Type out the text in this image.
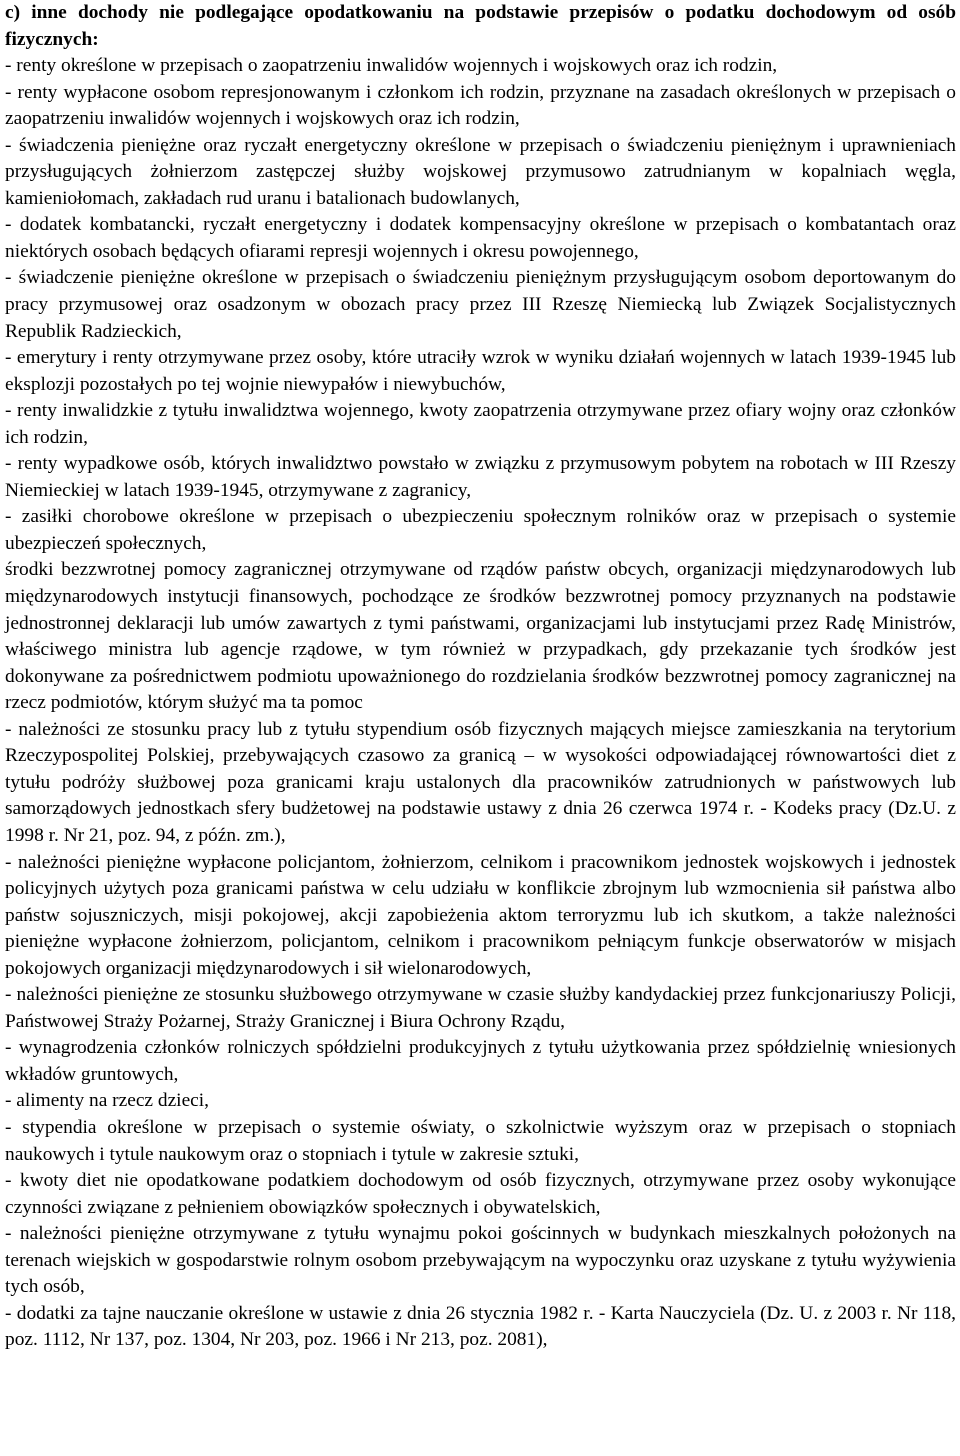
c) inne dochody nie podlegające opodatkowaniu na podstawie przepisów o podatku dochodowym od osób fizycznych:

- renty określone w przepisach o zaopatrzeniu inwalidów wojennych i wojskowych oraz ich rodzin,

- renty wypłacone osobom represjonowanym i członkom ich rodzin, przyznane na zasadach określonych w przepisach o zaopatrzeniu inwalidów wojennych i wojskowych oraz ich rodzin,

- świadczenia pieniężne oraz ryczałt energetyczny określone w przepisach o świadczeniu pieniężnym i uprawnieniach przysługujących żołnierzom zastępczej służby wojskowej przymusowo zatrudnianym w kopalniach węgla, kamieniołomach, zakładach rud uranu i batalionach budowlanych,

- dodatek kombatancki, ryczałt energetyczny i dodatek kompensacyjny określone w przepisach o kombatantach oraz niektórych osobach będących ofiarami represji wojennych i okresu powojennego,

- świadczenie pieniężne określone w przepisach o świadczeniu pieniężnym przysługującym osobom deportowanym do pracy przymusowej oraz osadzonym w obozach pracy przez III Rzeszę Niemiecką lub Związek Socjalistycznych Republik Radzieckich,

- emerytury i renty otrzymywane przez osoby, które utraciły wzrok w wyniku działań wojennych w latach 1939-1945 lub eksplozji pozostałych po tej wojnie niewypałów i niewybuchów,

- renty inwalidzkie z tytułu inwalidztwa wojennego, kwoty zaopatrzenia otrzymywane przez ofiary wojny oraz członków ich rodzin,

- renty wypadkowe osób, których inwalidztwo powstało w związku z przymusowym pobytem na robotach w III Rzeszy Niemieckiej w latach 1939-1945, otrzymywane z zagranicy,

- zasiłki chorobowe określone w przepisach o ubezpieczeniu społecznym rolników oraz w przepisach o systemie ubezpieczeń społecznych,

środki bezzwrotnej pomocy zagranicznej otrzymywane od rządów państw obcych, organizacji międzynarodowych lub międzynarodowych instytucji finansowych, pochodzące ze środków bezzwrotnej pomocy przyznanych na podstawie jednostronnej deklaracji lub umów zawartych z tymi państwami, organizacjami lub instytucjami przez Radę Ministrów, właściwego ministra lub agencje rządowe, w tym również w przypadkach, gdy przekazanie tych środków jest dokonywane za pośrednictwem podmiotu upoważnionego do rozdzielania środków bezzwrotnej pomocy zagranicznej na rzecz podmiotów, którym służyć ma ta pomoc

- należności ze stosunku pracy lub z tytułu stypendium osób fizycznych mających miejsce zamieszkania na terytorium Rzeczypospolitej Polskiej, przebywających czasowo za granicą – w wysokości odpowiadającej równowartości diet z tytułu podróży służbowej poza granicami kraju ustalonych dla pracowników zatrudnionych w państwowych lub samorządowych jednostkach sfery budżetowej na podstawie ustawy z dnia 26 czerwca 1974 r. - Kodeks pracy (Dz.U. z 1998 r. Nr 21, poz. 94, z późn. zm.),

- należności pieniężne wypłacone policjantom, żołnierzom, celnikom i pracownikom jednostek wojskowych i jednostek policyjnych użytych poza granicami państwa w celu udziału w konflikcie zbrojnym lub wzmocnienia sił państwa albo państw sojuszniczych, misji pokojowej, akcji zapobieżenia aktom terroryzmu lub ich skutkom, a także należności pieniężne wypłacone żołnierzom, policjantom, celnikom i pracownikom pełniącym funkcje obserwatorów w misjach pokojowych organizacji międzynarodowych i sił wielonarodowych,

- należności pieniężne ze stosunku służbowego otrzymywane w czasie służby kandydackiej przez funkcjonariuszy Policji, Państwowej Straży Pożarnej, Straży Granicznej i Biura Ochrony Rządu,

- wynagrodzenia członków rolniczych spółdzielni produkcyjnych z tytułu użytkowania przez spółdzielnię wniesionych wkładów gruntowych,

- alimenty na rzecz dzieci,

- stypendia określone w przepisach o systemie oświaty, o szkolnictwie wyższym oraz w przepisach o stopniach naukowych i tytule naukowym oraz o stopniach i tytule w zakresie sztuki,

- kwoty diet nie opodatkowane podatkiem dochodowym od osób fizycznych, otrzymywane przez osoby wykonujące czynności związane z pełnieniem obowiązków społecznych i obywatelskich,

- należności pieniężne otrzymywane z tytułu wynajmu pokoi gościnnych w budynkach mieszkalnych położonych na terenach wiejskich w gospodarstwie rolnym osobom przebywającym na wypoczynku oraz uzyskane z tytułu wyżywienia tych osób,

- dodatki za tajne nauczanie określone w ustawie z dnia 26 stycznia 1982 r. - Karta Nauczyciela (Dz. U. z 2003 r. Nr 118, poz. 1112, Nr 137, poz. 1304, Nr 203, poz. 1966 i Nr 213, poz. 2081),
